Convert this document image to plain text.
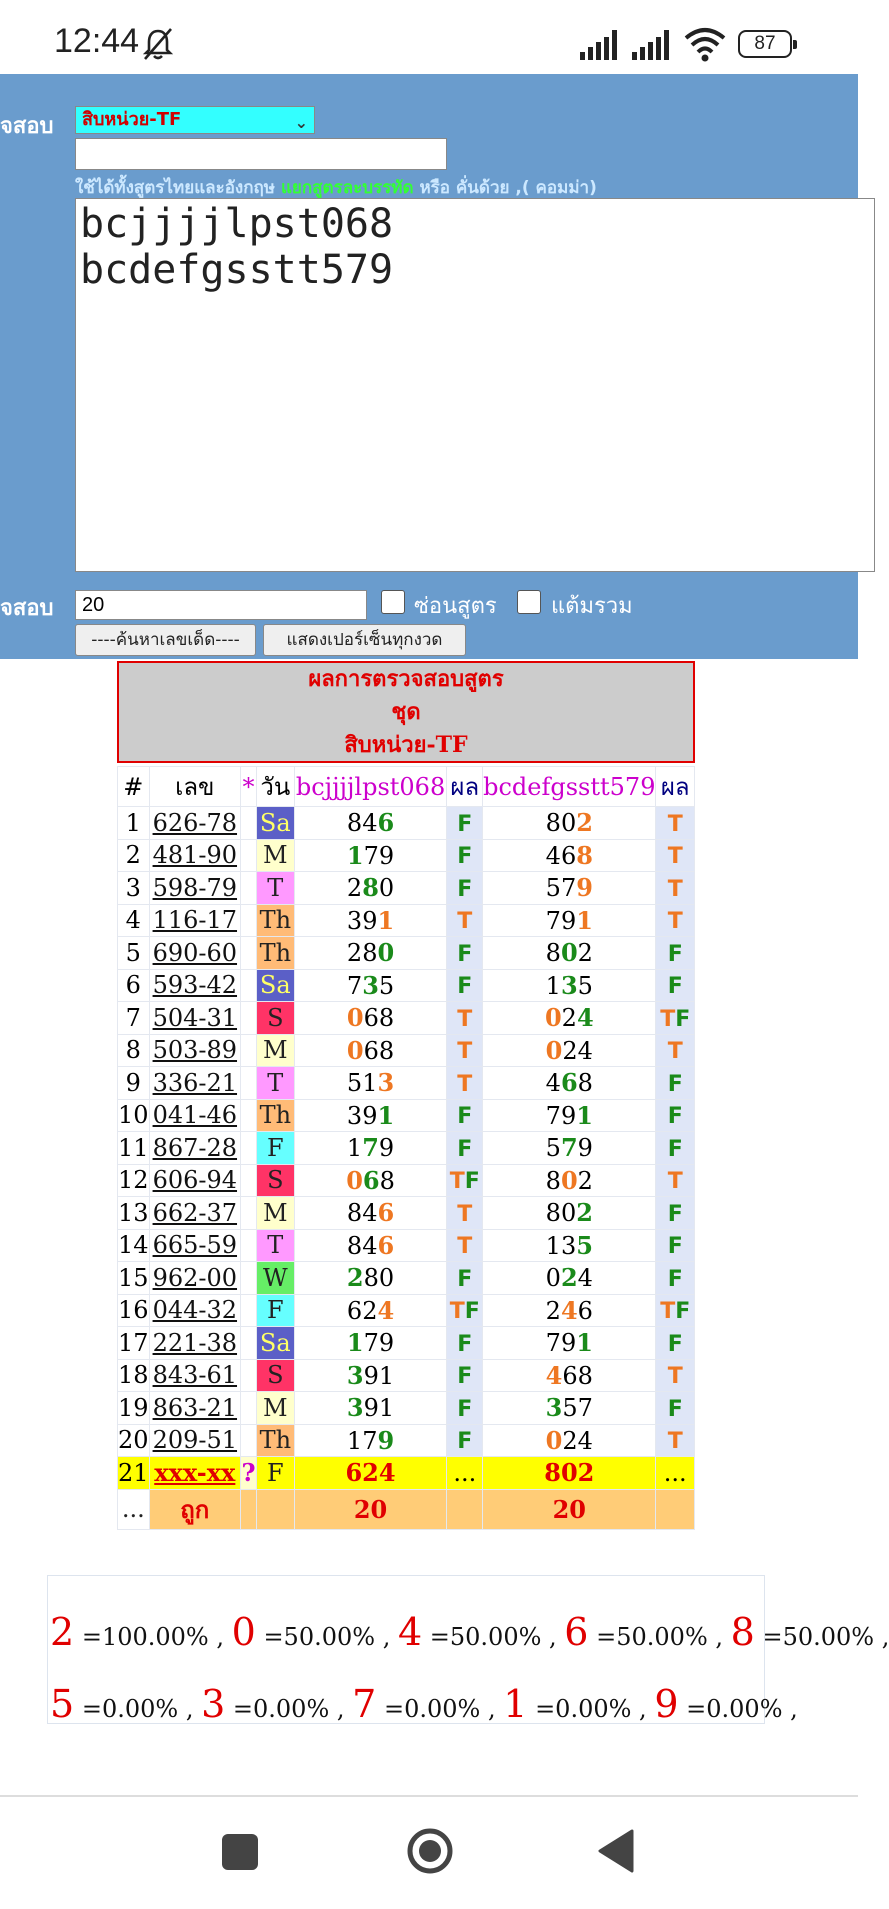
12:44	87
จสอบ	สิบหน่วย-TF	⌄
ใช้ได้ทั้งสูตรไทยและอังกฤษ แยกสูตรละบรรทัด หรือ คั่นด้วย ,( คอมม่า)
bcjjjjlpst068
bcdefgsstt579
จสอบ	20	ซ่อนสูตร แต้มรวม
----ค้นหาเลขเด็ด----	แสดงเปอร์เซ็นทุกงวด
ผลการตรวจสอบสูตร
ชุด
สิบหน่วย-TF
#	เลข	*	วัน	bcjjjjlpst068	ผล	bcdefgsstt579	ผล
1	626-78		Sa	846	F	802	T
2	481-90		M	179	F	468	T
3	598-79		T	280	F	579	T
4	116-17		Th	391	T	791	T
5	690-60		Th	280	F	802	F
6	593-42		Sa	735	F	135	F
7	504-31		S	068	T	024	TF
8	503-89		M	068	T	024	T
9	336-21		T	513	T	468	F
10	041-46		Th	391	F	791	F
11	867-28		F	179	F	579	F
12	606-94		S	068	TF	802	T
13	662-37		M	846	T	802	F
14	665-59		T	846	T	135	F
15	962-00		W	280	F	024	F
16	044-32		F	624	TF	246	TF
17	221-38		Sa	179	F	791	F
18	843-61		S	391	F	468	T
19	863-21		M	391	F	357	F
20	209-51		Th	179	F	024	T
21	xxx-xx	?	F	624	...	802	...
...	ถูก			20		20	
2 =100.00% , 0 =50.00% , 4 =50.00% , 6 =50.00% , 8 =50.00% ,
5 =0.00% , 3 =0.00% , 7 =0.00% , 1 =0.00% , 9 =0.00% ,
